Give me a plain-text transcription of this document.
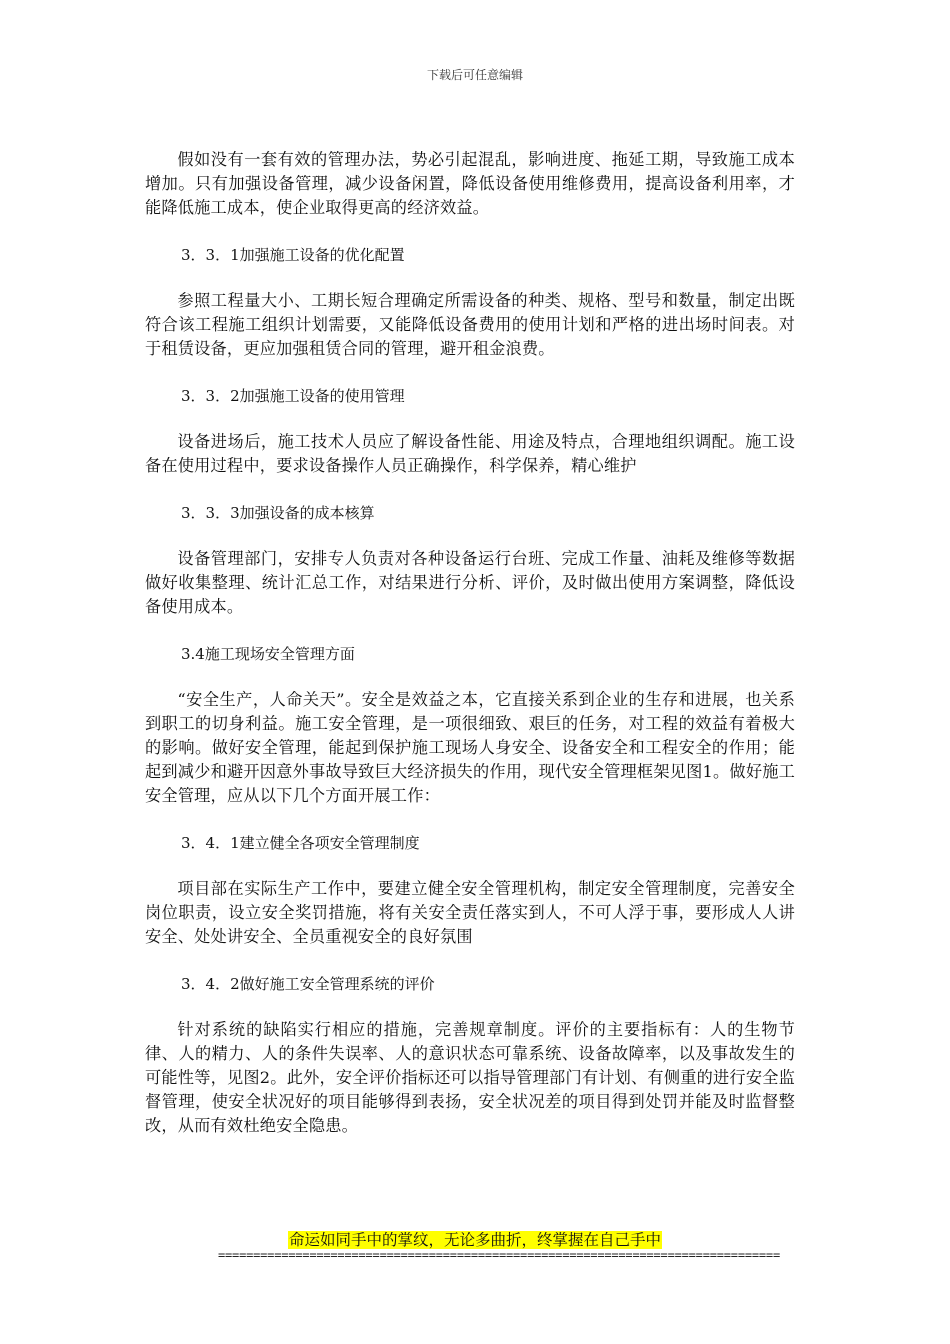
下载后可任意编辑

假如没有一套有效的管理办法，势必引起混乱，影响进度、拖延工期，导致施工成本增加。只有加强设备管理，减少设备闲置，降低设备使用维修费用，提高设备利用率，才能降低施工成本，使企业取得更高的经济效益。

3．3．1加强施工设备的优化配置

参照工程量大小、工期长短合理确定所需设备的种类、规格、型号和数量，制定出既符合该工程施工组织计划需要，又能降低设备费用的使用计划和严格的进出场时间表。对于租赁设备，更应加强租赁合同的管理，避开租金浪费。

3．3．2加强施工设备的使用管理

设备进场后，施工技术人员应了解设备性能、用途及特点，合理地组织调配。施工设备在使用过程中，要求设备操作人员正确操作，科学保养，精心维护

3．3．3加强设备的成本核算

设备管理部门，安排专人负责对各种设备运行台班、完成工作量、油耗及维修等数据做好收集整理、统计汇总工作，对结果进行分析、评价，及时做出使用方案调整，降低设备使用成本。

3.4施工现场安全管理方面

“安全生产，人命关天”。安全是效益之本，它直接关系到企业的生存和进展，也关系到职工的切身利益。施工安全管理，是一项很细致、艰巨的任务，对工程的效益有着极大的影响。做好安全管理，能起到保护施工现场人身安全、设备安全和工程安全的作用；能起到减少和避开因意外事故导致巨大经济损失的作用，现代安全管理框架见图1。做好施工安全管理，应从以下几个方面开展工作：

3．4．1建立健全各项安全管理制度

项目部在实际生产工作中，要建立健全安全管理机构，制定安全管理制度，完善安全岗位职责，设立安全奖罚措施，将有关安全责任落实到人，不可人浮于事，要形成人人讲安全、处处讲安全、全员重视安全的良好氛围

3．4．2做好施工安全管理系统的评价

针对系统的缺陷实行相应的措施，完善规章制度。评价的主要指标有：人的生物节律、人的精力、人的条件失误率、人的意识状态可靠系统、设备故障率，以及事故发生的可能性等，见图2。此外，安全评价指标还可以指导管理部门有计划、有侧重的进行安全监督管理，使安全状况好的项目能够得到表扬，安全状况差的项目得到处罚并能及时监督整改，从而有效杜绝安全隐患。

命运如同手中的掌纹，无论多曲折，终掌握在自己手中
================================================================================
